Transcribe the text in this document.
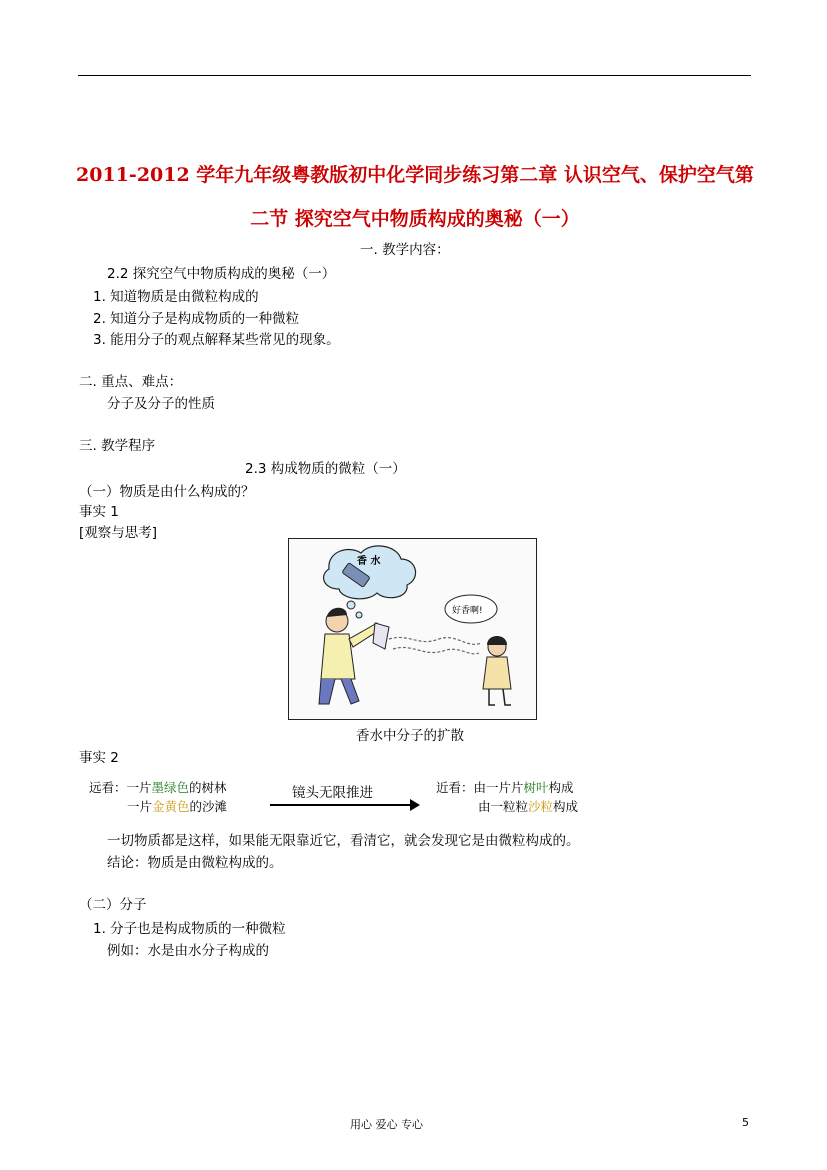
2011-2012 学年九年级粤教版初中化学同步练习第二章 认识空气、保护空气第
二节 探究空气中物质构成的奥秘（一）
一. 教学内容：
2.2 探究空气中物质构成的奥秘（一）
1. 知道物质是由微粒构成的
2. 知道分子是构成物质的一种微粒
3. 能用分子的观点解释某些常见的现象。
二. 重点、难点：
分子及分子的性质
三. 教学程序
2.3 构成物质的微粒（一）
（一）物质是由什么构成的？
事实 1
[观察与思考]
香 水
好香啊!
香水中分子的扩散
事实 2
远看：一片墨绿色的树林
一片金黄色的沙滩
镜头无限推进	近看：由一片片树叶构成
由一粒粒沙粒构成
一切物质都是这样，如果能无限靠近它，看清它，就会发现它是由微粒构成的。
结论：物质是由微粒构成的。
（二）分子
1. 分子也是构成物质的一种微粒
例如：水是由水分子构成的
用心 爱心 专心	5
